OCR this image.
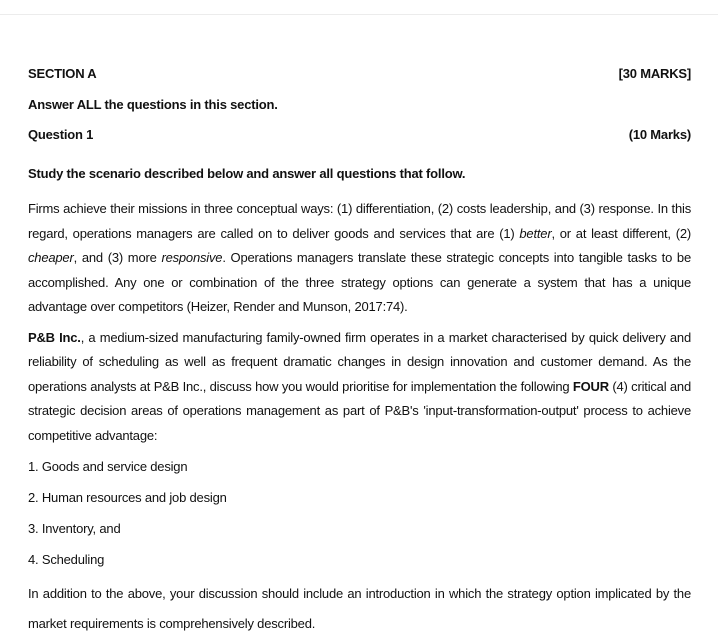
SECTION A	[30 MARKS]
Answer ALL the questions in this section.
Question 1	(10 Marks)
Study the scenario described below and answer all questions that follow.

Firms achieve their missions in three conceptual ways: (1) differentiation, (2) costs leadership, and (3) response. In this regard, operations managers are called on to deliver goods and services that are (1) better, or at least different, (2) cheaper, and (3) more responsive. Operations managers translate these strategic concepts into tangible tasks to be accomplished. Any one or combination of the three strategy options can generate a system that has a unique advantage over competitors (Heizer, Render and Munson, 2017:74).

P&B Inc., a medium-sized manufacturing family-owned firm operates in a market characterised by quick delivery and reliability of scheduling as well as frequent dramatic changes in design innovation and customer demand. As the operations analysts at P&B Inc., discuss how you would prioritise for implementation the following FOUR (4) critical and strategic decision areas of operations management as part of P&B's 'input-transformation-output' process to achieve competitive advantage:

1. Goods and service design
2. Human resources and job design
3. Inventory, and
4. Scheduling

In addition to the above, your discussion should include an introduction in which the strategy option implicated by the market requirements is comprehensively described.
